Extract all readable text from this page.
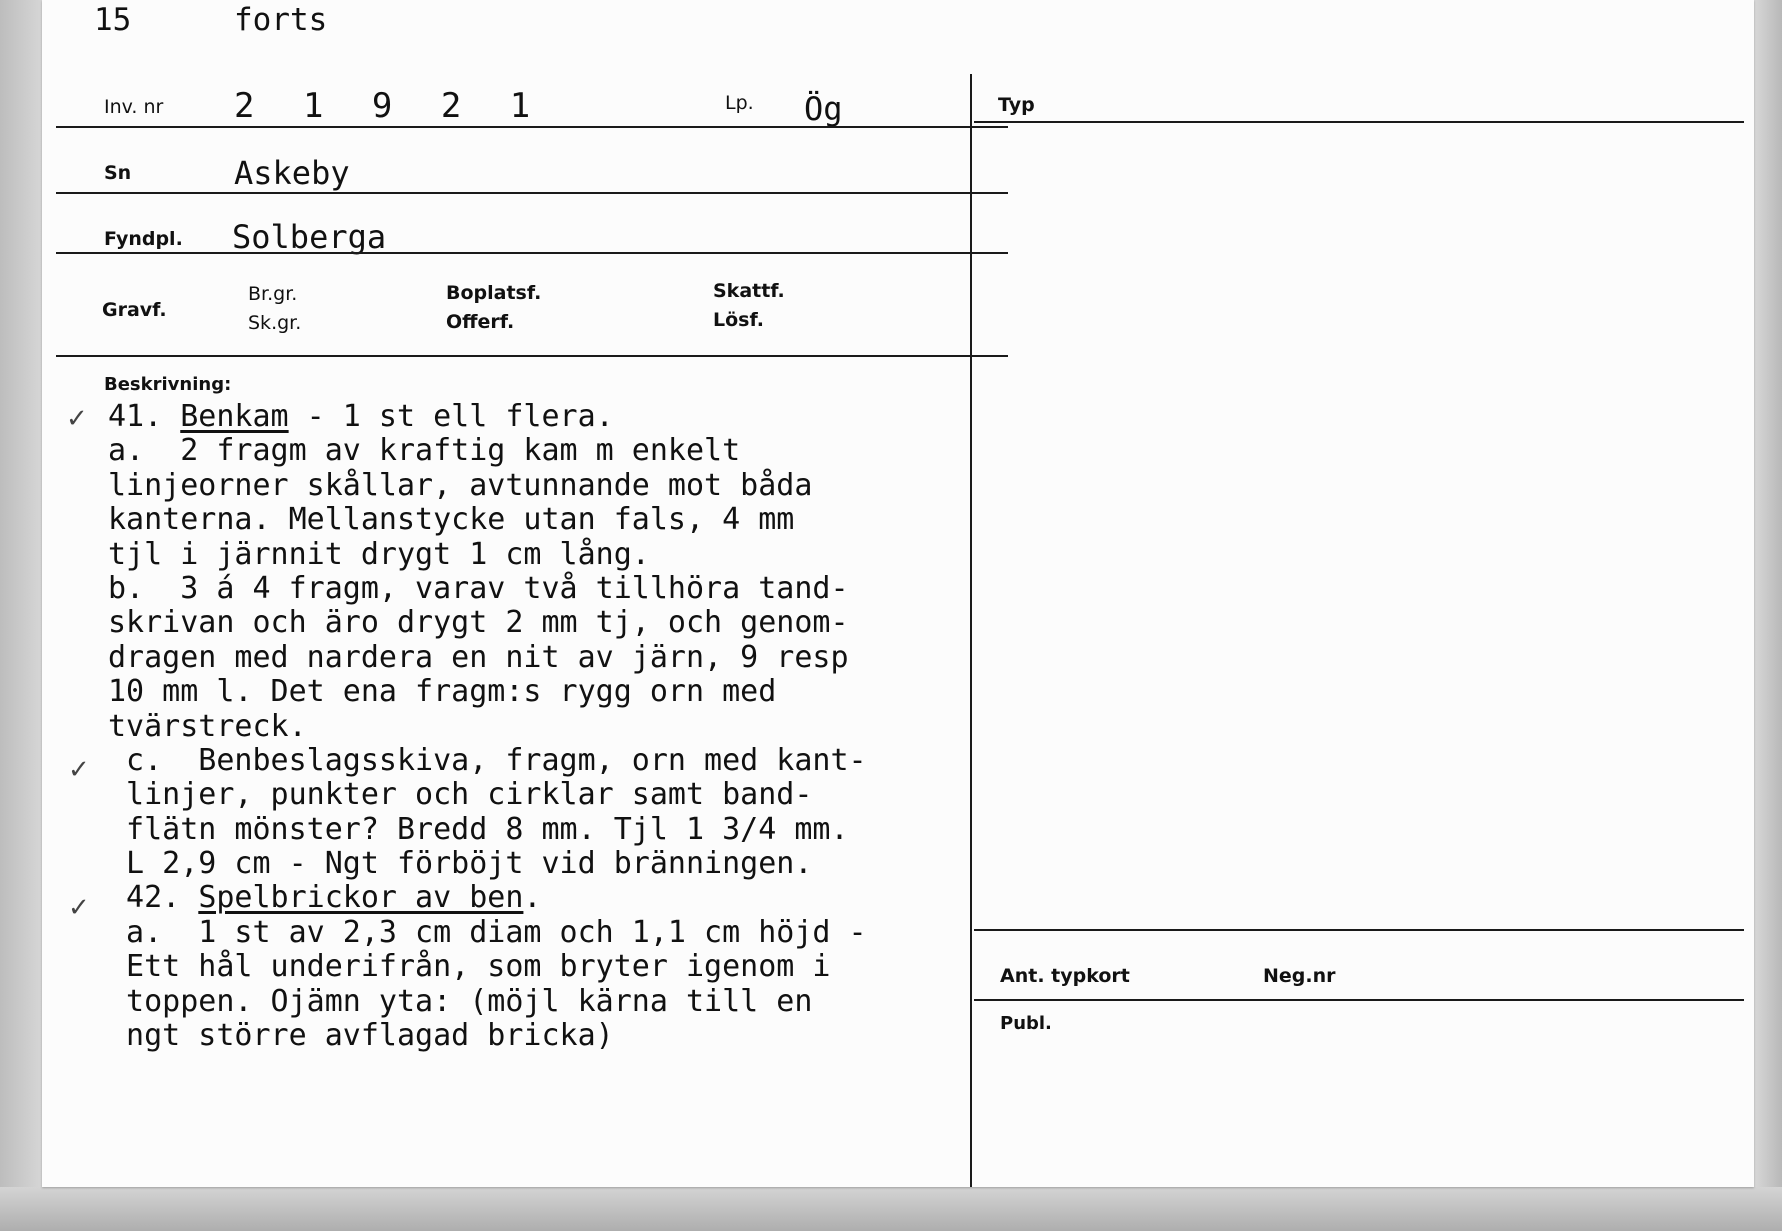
15	forts
Inv. nr 2 1 9 2 1	Lp. Ög	Typ
Sn	Askeby
Fyndpl. Solberga
Gravf.
Br.gr.
Sk.gr.
Boplatsf.
Offerf.
Skattf.
Lösf.
Beskrivning:
✓
✓
✓
41. Benkam - 1 st ell flera.
a.  2 fragm av kraftig kam m enkelt
linjeorner skållar, avtunnande mot båda
kanterna. Mellanstycke utan fals, 4 mm
tjl i järnnit drygt 1 cm lång.
b.  3 á 4 fragm, varav två tillhöra tand-
skrivan och äro drygt 2 mm tj, och genom-
dragen med nardera en nit av järn, 9 resp
10 mm l. Det ena fragm:s rygg orn med
tvärstreck.
c.  Benbeslagsskiva, fragm, orn med kant-
linjer, punkter och cirklar samt band-
flätn mönster? Bredd 8 mm. Tjl 1 3/4 mm.
L 2,9 cm - Ngt förböjt vid bränningen.
42. Spelbrickor av ben.
a.  1 st av 2,3 cm diam och 1,1 cm höjd -
Ett hål underifrån, som bryter igenom i
toppen. Ojämn yta: (möjl kärna till en
ngt större avflagad bricka)
Ant. typkort	Neg.nr
Publ.
